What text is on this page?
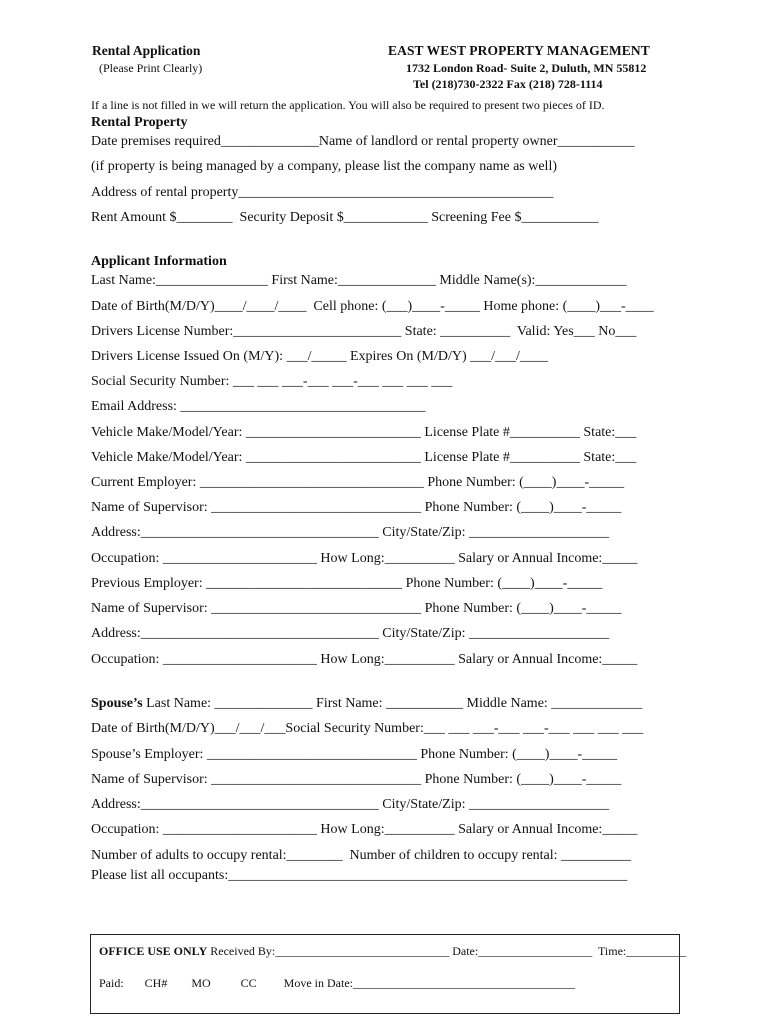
Rental Application
(Please Print Clearly)
EAST WEST PROPERTY MANAGEMENT
1732 London Road- Suite 2, Duluth, MN 55812
Tel (218)730-2322 Fax (218) 728-1114
If a line is not filled in we will return the application. You will also be required to present two pieces of ID.
Rental Property
Date premises required______________Name of landlord or rental property owner___________
(if property is being managed by a company, please list the company name as well)
Address of rental property_____________________________________________
Rent Amount $________  Security Deposit $____________ Screening Fee $___________
Applicant Information
Last Name:________________ First Name:______________ Middle Name(s):_____________
Date of Birth(M/D/Y)____/____/____  Cell phone: (___)____-_____ Home phone: (____)___-____
Drivers License Number:________________________ State: __________  Valid: Yes___ No___
Drivers License Issued On (M/Y): ___/_____ Expires On (M/D/Y) ___/___/____
Social Security Number: ___ ___ ___-___ ___-___ ___ ___ ___
Email Address: ___________________________________
Vehicle Make/Model/Year: _________________________ License Plate #__________ State:___
Vehicle Make/Model/Year: _________________________ License Plate #__________ State:___
Current Employer: ________________________________ Phone Number: (____)____-_____
Name of Supervisor: ______________________________ Phone Number: (____)____-_____
Address:__________________________________ City/State/Zip: ____________________
Occupation: ______________________ How Long:__________ Salary or Annual Income:_____
Previous Employer: ____________________________ Phone Number: (____)____-_____
Name of Supervisor: ______________________________ Phone Number: (____)____-_____
Address:__________________________________ City/State/Zip: ____________________
Occupation: ______________________ How Long:__________ Salary or Annual Income:_____
Spouse’s Last Name: ______________ First Name: ___________ Middle Name: _____________
Date of Birth(M/D/Y)___/___/___Social Security Number:___ ___ ___-___ ___-___ ___ ___ ___
Spouse’s Employer: ______________________________ Phone Number: (____)____-_____
Name of Supervisor: ______________________________ Phone Number: (____)____-_____
Address:__________________________________ City/State/Zip: ____________________
Occupation: ______________________ How Long:__________ Salary or Annual Income:_____
Number of adults to occupy rental:________  Number of children to occupy rental: __________
Please list all occupants:_________________________________________________________
OFFICE USE ONLY Received By:_____________________________ Date:___________________  Time:__________
Paid:       CH#        MO          CC         Move in Date:_____________________________________
